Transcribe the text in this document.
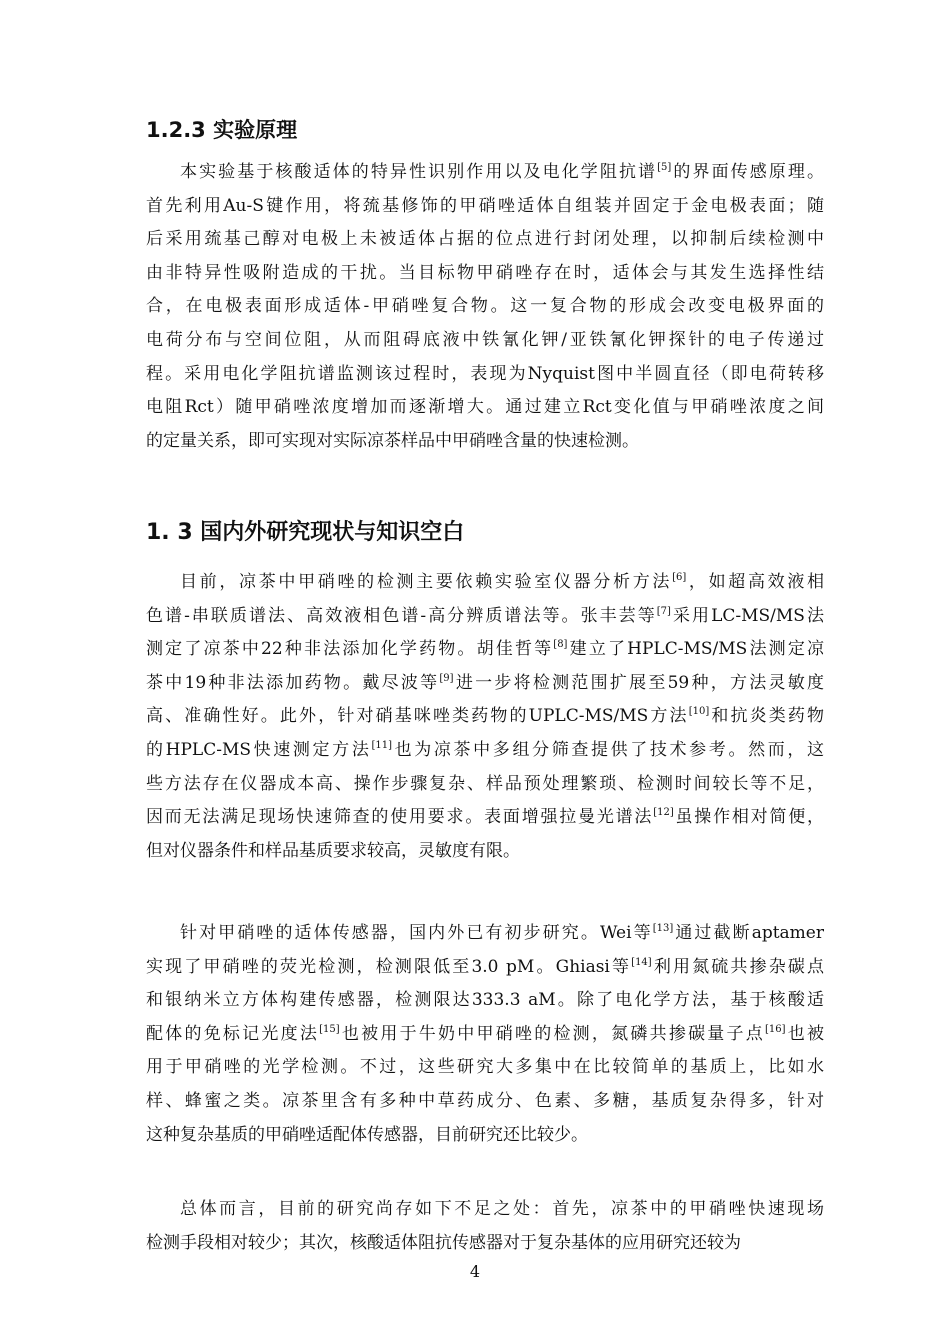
1.2.3 实验原理
本实验基于核酸适体的特异性识别作用以及电化学阻抗谱[5]的界面传感原理。
首先利用Au-S键作用，将巯基修饰的甲硝唑适体自组装并固定于金电极表面；随
后采用巯基己醇对电极上未被适体占据的位点进行封闭处理，以抑制后续检测中
由非特异性吸附造成的干扰。当目标物甲硝唑存在时，适体会与其发生选择性结
合，在电极表面形成适体-甲硝唑复合物。这一复合物的形成会改变电极界面的
电荷分布与空间位阻，从而阻碍底液中铁氰化钾/亚铁氰化钾探针的电子传递过
程。采用电化学阻抗谱监测该过程时，表现为Nyquist图中半圆直径（即电荷转移
电阻Rct）随甲硝唑浓度增加而逐渐增大。通过建立Rct变化值与甲硝唑浓度之间
的定量关系，即可实现对实际凉茶样品中甲硝唑含量的快速检测。
1. 3 国内外研究现状与知识空白
目前，凉茶中甲硝唑的检测主要依赖实验室仪器分析方法[6]，如超高效液相
色谱-串联质谱法、高效液相色谱-高分辨质谱法等。张丰芸等[7]采用LC-MS/MS法
测定了凉茶中22种非法添加化学药物。胡佳哲等[8]建立了HPLC-MS/MS法测定凉
茶中19种非法添加药物。戴尽波等[9]进一步将检测范围扩展至59种，方法灵敏度
高、准确性好。此外，针对硝基咪唑类药物的UPLC-MS/MS方法[10]和抗炎类药物
的HPLC-MS快速测定方法[11]也为凉茶中多组分筛查提供了技术参考。然而，这
些方法存在仪器成本高、操作步骤复杂、样品预处理繁琐、检测时间较长等不足，
因而无法满足现场快速筛查的使用要求。表面增强拉曼光谱法[12]虽操作相对简便，
但对仪器条件和样品基质要求较高，灵敏度有限。
针对甲硝唑的适体传感器，国内外已有初步研究。Wei等[13]通过截断aptamer
实现了甲硝唑的荧光检测，检测限低至3.0 pM。Ghiasi等[14]利用氮硫共掺杂碳点
和银纳米立方体构建传感器，检测限达333.3 aM。除了电化学方法，基于核酸适
配体的免标记光度法[15]也被用于牛奶中甲硝唑的检测，氮磷共掺碳量子点[16]也被
用于甲硝唑的光学检测。不过，这些研究大多集中在比较简单的基质上，比如水
样、蜂蜜之类。凉茶里含有多种中草药成分、色素、多糖，基质复杂得多，针对
这种复杂基质的甲硝唑适配体传感器，目前研究还比较少。
总体而言，目前的研究尚存如下不足之处：首先，凉茶中的甲硝唑快速现场
检测手段相对较少；其次，核酸适体阻抗传感器对于复杂基体的应用研究还较为
4
